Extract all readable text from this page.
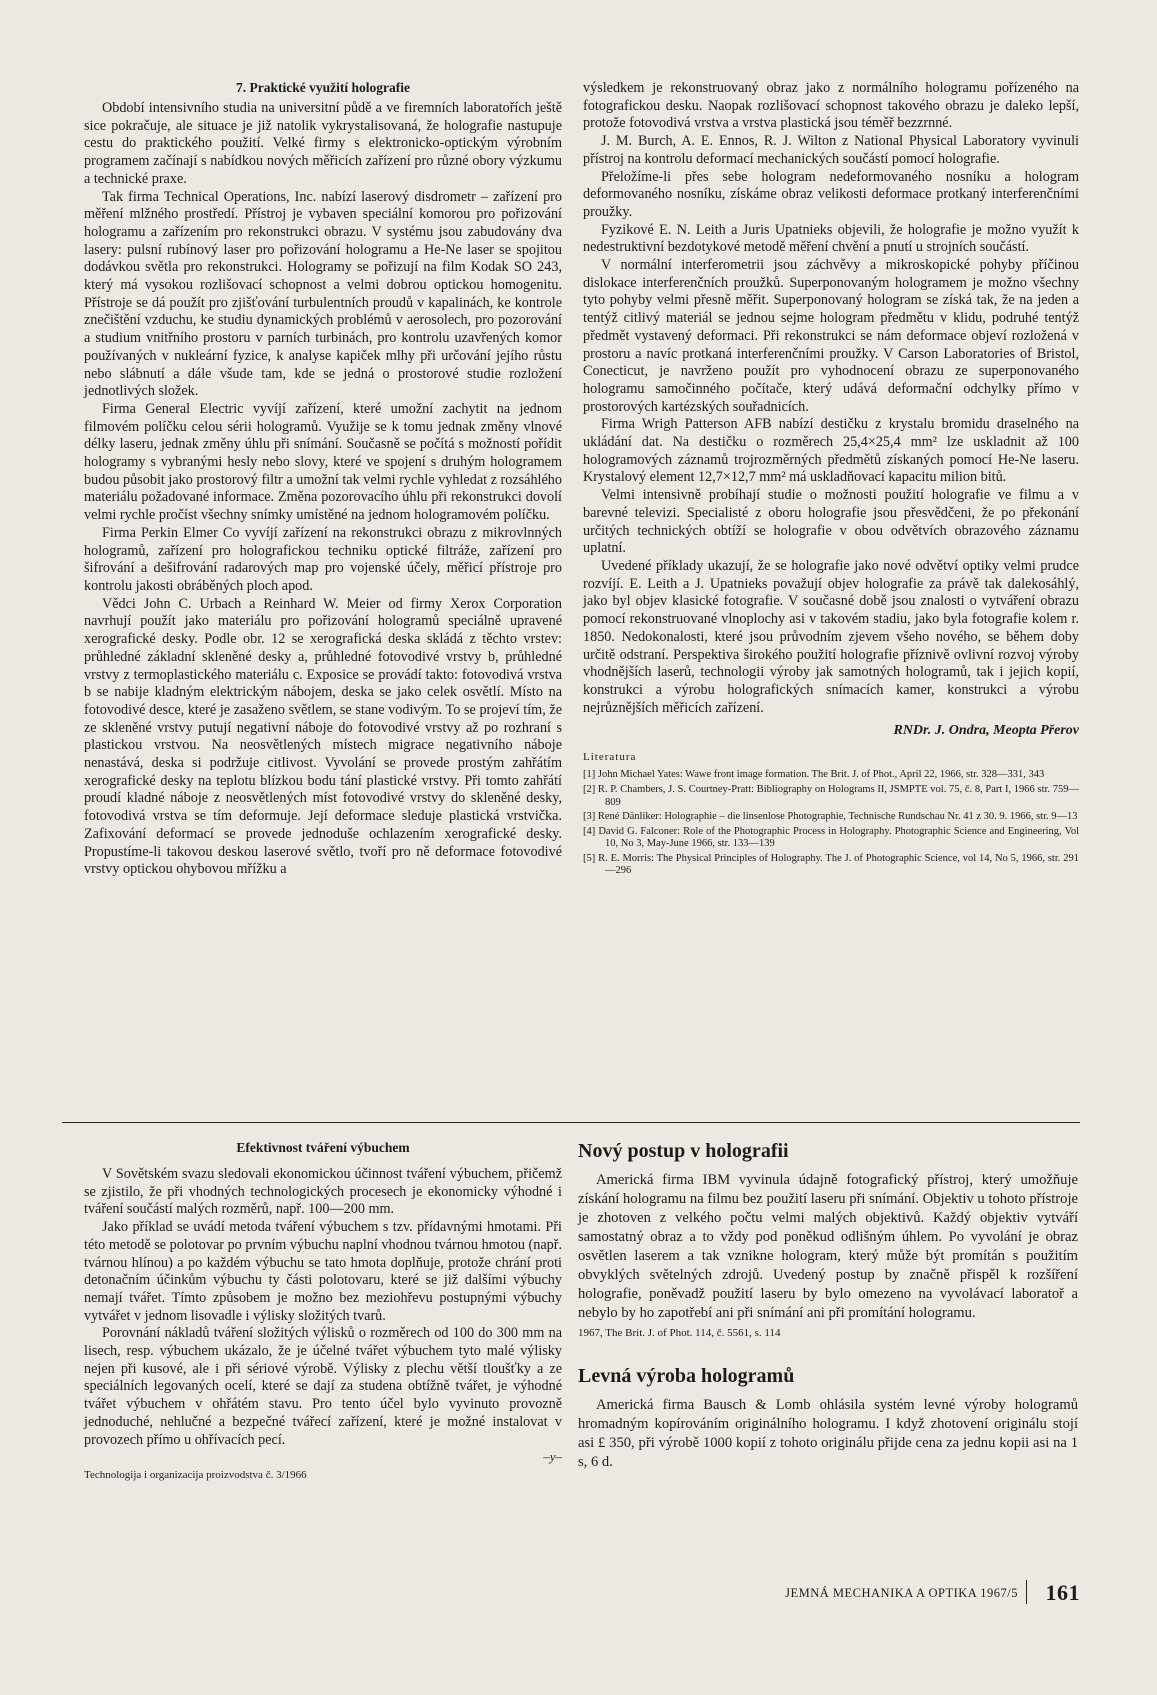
7. Praktické využití holografie

Období intensivního studia na universitní půdě a ve firemních laboratořích ještě sice pokračuje, ale situace je již natolik vykrystalisovaná, že holografie nastupuje cestu do praktického použití. Velké firmy s elektronicko-optickým výrobním programem začínají s nabídkou nových měřicích zařízení pro různé obory výzkumu a technické praxe.

Tak firma Technical Operations, Inc. nabízí laserový disdrometr – zařízení pro měření mlžného prostředí. Přístroj je vybaven speciální komorou pro pořizování hologramu a zařízením pro rekonstrukci obrazu. V systému jsou zabudovány dva lasery: pulsní rubínový laser pro pořizování hologramu a He-Ne laser se spojitou dodávkou světla pro rekonstrukci. Hologramy se pořizují na film Kodak SO 243, který má vysokou rozlišovací schopnost a velmi dobrou optickou homogenitu. Přístroje se dá použít pro zjišťování turbulentních proudů v kapalinách, ke kontrole znečištění vzduchu, ke studiu dynamických problémů v aerosolech, pro pozorování a studium vnitřního prostoru v parních turbinách, pro kontrolu uzavřených komor používaných v nukleární fyzice, k analyse kapiček mlhy při určování jejího růstu nebo slábnutí a dále všude tam, kde se jedná o prostorové studie rozložení jednotlivých složek.

Firma General Electric vyvíjí zařízení, které umožní zachytit na jednom filmovém políčku celou sérii hologramů. Využije se k tomu jednak změny vlnové délky laseru, jednak změny úhlu při snímání. Současně se počítá s možností pořídit hologramy s vybranými hesly nebo slovy, které ve spojení s druhým hologramem budou působit jako prostorový filtr a umožní tak velmi rychle vyhledat z rozsáhlého materiálu požadované informace. Změna pozorovacího úhlu při rekonstrukci dovolí velmi rychle pročíst všechny snímky umístěné na jednom hologramovém políčku.

Firma Perkin Elmer Co vyvíjí zařízení na rekonstrukci obrazu z mikrovlnných hologramů, zařízení pro holografickou techniku optické filtráže, zařízení pro šifrování a dešifrování radarových map pro vojenské účely, měřicí přístroje pro kontrolu jakosti obráběných ploch apod.

Vědci John C. Urbach a Reinhard W. Meier od firmy Xerox Corporation navrhují použít jako materiálu pro pořizování hologramů speciálně upravené xerografické desky. Podle obr. 12 se xerografická deska skládá z těchto vrstev: průhledné základní skleněné desky a, průhledné fotovodivé vrstvy b, průhledné vrstvy z termoplastického materiálu c. Exposice se provádí takto: fotovodivá vrstva b se nabije kladným elektrickým nábojem, deska se jako celek osvětlí. Místo na fotovodivé desce, které je zasaženo světlem, se stane vodivým. To se projeví tím, že ze skleněné vrstvy putují negativní náboje do fotovodivé vrstvy až po rozhraní s plastickou vrstvou. Na neosvětlených místech migrace negativního náboje nenastává, deska si podržuje citlivost. Vyvolání se provede prostým zahřátím xerografické desky na teplotu blízkou bodu tání plastické vrstvy. Při tomto zahřátí proudí kladné náboje z neosvětlených míst fotovodivé vrstvy do skleněné desky, fotovodivá vrstva se tím deformuje. Její deformace sleduje plastická vrstvička. Zafixování deformací se provede jednoduše ochlazením xerografické desky. Propustíme-li takovou deskou laserové světlo, tvoří pro ně deformace fotovodivé vrstvy optickou ohybovou mřížku a

výsledkem je rekonstruovaný obraz jako z normálního hologramu pořízeného na fotografickou desku. Naopak rozlišovací schopnost takového obrazu je daleko lepší, protože fotovodivá vrstva a vrstva plastická jsou téměř bezzrnné.

J. M. Burch, A. E. Ennos, R. J. Wilton z National Physical Laboratory vyvinuli přístroj na kontrolu deformací mechanických součástí pomocí holografie.

Přeložíme-li přes sebe hologram nedeformovaného nosníku a hologram deformovaného nosníku, získáme obraz velikosti deformace protkaný interferenčními proužky.

Fyzikové E. N. Leith a Juris Upatnieks objevili, že holografie je možno využít k nedestruktivní bezdotykové metodě měření chvění a pnutí u strojních součástí.

V normální interferometrii jsou záchvěvy a mikroskopické pohyby příčinou dislokace interferenčních proužků. Superponovaným hologramem je možno všechny tyto pohyby velmi přesně měřit. Superponovaný hologram se získá tak, že na jeden a tentýž citlivý materiál se jednou sejme hologram předmětu v klidu, podruhé tentýž předmět vystavený deformaci. Při rekonstrukci se nám deformace objeví rozložená v prostoru a navíc protkaná interferenčními proužky. V Carson Laboratories of Bristol, Conecticut, je navrženo použít pro vyhodnocení obrazu ze superponovaného hologramu samočinného počítače, který udává deformační odchylky přímo v prostorových kartézských souřadnicích.

Firma Wrigh Patterson AFB nabízí destičku z krystalu bromidu draselného na ukládání dat. Na destičku o rozměrech 25,4×25,4 mm² lze uskladnit až 100 hologramových záznamů trojrozměrných předmětů získaných pomocí He-Ne laseru. Krystalový element 12,7×12,7 mm² má uskladňovací kapacitu milion bitů.

Velmi intensivně probíhají studie o možnosti použití holografie ve filmu a v barevné televizi. Specialisté z oboru holografie jsou přesvědčeni, že po překonání určitých technických obtíží se holografie v obou odvětvích obrazového záznamu uplatní.

Uvedené příklady ukazují, že se holografie jako nové odvětví optiky velmi prudce rozvíjí. E. Leith a J. Upatnieks považují objev holografie za právě tak dalekosáhlý, jako byl objev klasické fotografie. V současné době jsou znalosti o vytváření obrazu pomocí rekonstruované vlnoplochy asi v takovém stadiu, jako byla fotografie kolem r. 1850. Nedokonalosti, které jsou průvodním zjevem všeho nového, se během doby určitě odstraní. Perspektiva širokého použití holografie příznivě ovlivní rozvoj výroby vhodnějších laserů, technologii výroby jak samotných hologramů, tak i jejich kopií, konstrukci a výrobu holografických snímacích kamer, konstrukci a výrobu nejrůznějších měřicích zařízení.

RNDr. J. Ondra, Meopta Přerov
Literatura
[1] John Michael Yates: Wawe front image formation. The Brit. J. of Phot., April 22, 1966, str. 328—331, 343
[2] R. P. Chambers, J. S. Courtney-Pratt: Bibliography on Holograms II, JSMPTE vol. 75, č. 8, Part I, 1966 str. 759—809
[3] René Dänliker: Holographie – die linsenlose Photographie, Technische Rundschau Nr. 41 z 30. 9. 1966, str. 9—13
[4] David G. Falconer: Role of the Photographic Process in Holography. Photographic Science and Engineering, Vol 10, No 3, May-June 1966, str. 133—139
[5] R. E. Morris: The Physical Principles of Holography. The J. of Photographic Science, vol 14, No 5, 1966, str. 291—296
Efektivnost tváření výbuchem

V Sovětském svazu sledovali ekonomickou účinnost tváření výbuchem, přičemž se zjistilo, že při vhodných technologických procesech je ekonomicky výhodné i tváření součástí malých rozměrů, např. 100—200 mm.

Jako příklad se uvádí metoda tváření výbuchem s tzv. přídavnými hmotami. Při této metodě se polotovar po prvním výbuchu naplní vhodnou tvárnou hmotou (např. tvárnou hlínou) a po každém výbuchu se tato hmota doplňuje, protože chrání proti detonačním účinkům výbuchu ty části polotovaru, které se již dalšími výbuchy nemají tvářet. Tímto způsobem je možno bez meziohřevu postupnými výbuchy vytvářet v jednom lisovadle i výlisky složitých tvarů.

Porovnání nákladů tváření složitých výlisků o rozměrech od 100 do 300 mm na lisech, resp. výbuchem ukázalo, že je účelné tvářet výbuchem tyto malé výlisky nejen při kusové, ale i při sériové výrobě. Výlisky z plechu větší tloušťky a ze speciálních legovaných ocelí, které se dají za studena obtížně tvářet, je výhodné tvářet výbuchem v ohřátém stavu. Pro tento účel bylo vyvinuto provozně jednoduché, nehlučné a bezpečné tvářecí zařízení, které je možné instalovat v provozech přímo u ohřívacích pecí.

–y–
Technologija i organizacija proizvodstva č. 3/1966
Nový postup v holografii

Americká firma IBM vyvinula údajně fotografický přístroj, který umožňuje získání hologramu na filmu bez použití laseru při snímání. Objektiv u tohoto přístroje je zhotoven z velkého počtu velmi malých objektivů. Každý objektiv vytváří samostatný obraz a to vždy pod poněkud odlišným úhlem. Po vyvolání je obraz osvětlen laserem a tak vznikne hologram, který může být promítán s použitím obvyklých světelných zdrojů. Uvedený postup by značně přispěl k rozšíření holografie, poněvadž použití laseru by bylo omezeno na vyvolávací laboratoř a nebylo by ho zapotřebí ani při snímání ani při promítání hologramu.

1967, The Brit. J. of Phot. 114, č. 5561, s. 114
Levná výroba hologramů

Americká firma Bausch & Lomb ohlásila systém levné výroby hologramů hromadným kopírováním originálního hologramu. I když zhotovení originálu stojí asi £ 350, při výrobě 1000 kopií z tohoto originálu přijde cena za jednu kopii asi na 1 s, 6 d.

JEMNÁ MECHANIKA A OPTIKA 1967/5 161
